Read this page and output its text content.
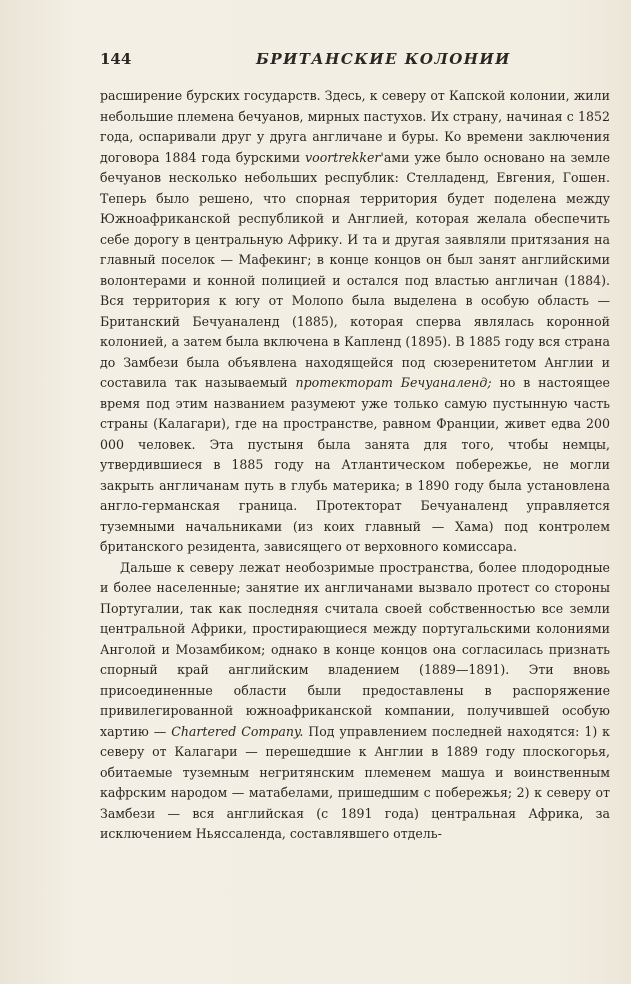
144	БРИТАНСКИЕ КОЛОНИИ

расширение бурских государств. Здесь, к северу от Капской колонии, жили небольшие племена бечуанов, мирных пастухов. Их страну, начиная с 1852 года, оспаривали друг у друга англичане и буры. Ко времени заключения договора 1884 года бурскими voortrekker'ами уже было основано на земле бечуанов несколько небольших республик: Стелладенд, Евгения, Гошен. Теперь было решено, что спорная территория будет поделена между Южноафриканской республикой и Англией, которая желала обеспечить себе дорогу в центральную Африку. И та и другая заявляли притязания на главный поселок — Мафекинг; в конце концов он был занят английскими волонтерами и конной полицией и остался под властью англичан (1884). Вся территория к югу от Молопо была выделена в особую область — Британский Бечуаналенд (1885), которая сперва являлась коронной колонией, а затем была включена в Капленд (1895). В 1885 году вся страна до Замбези была объявлена находящейся под сюзеренитетом Англии и составила так называемый протекторат Бечуаналенд; но в настоящее время под этим названием разумеют уже только самую пустынную часть страны (Калагари), где на пространстве, равном Франции, живет едва 200 000 человек. Эта пустыня была занята для того, чтобы немцы, утвердившиеся в 1885 году на Атлантическом побережье, не могли закрыть англичанам путь в глубь материка; в 1890 году была установлена англо-германская граница. Протекторат Бечуаналенд управляется туземными начальниками (из коих главный — Хама) под контролем британского резидента, зависящего от верховного комиссара.

Дальше к северу лежат необозримые пространства, более плодородные и более населенные; занятие их англичанами вызвало протест со стороны Португалии, так как последняя считала своей собственностью все земли центральной Африки, простирающиеся между португальскими колониями Анголой и Мозамбиком; однако в конце концов она согласилась признать спорный край английским владением (1889—1891). Эти вновь присоединенные области были предоставлены в распоряжение привилегированной южноафриканской компании, получившей особую хартию — Chartered Company. Под управлением последней находятся: 1) к северу от Калагари — перешедшие к Англии в 1889 году плоскогорья, обитаемые туземным негритянским племенем машуа и воинственным кафрским народом — матабелами, пришедшим с побережья; 2) к северу от Замбези — вся английская (с 1891 года) центральная Африка, за исключением Ньяссаленда, составлявшего отдель-
